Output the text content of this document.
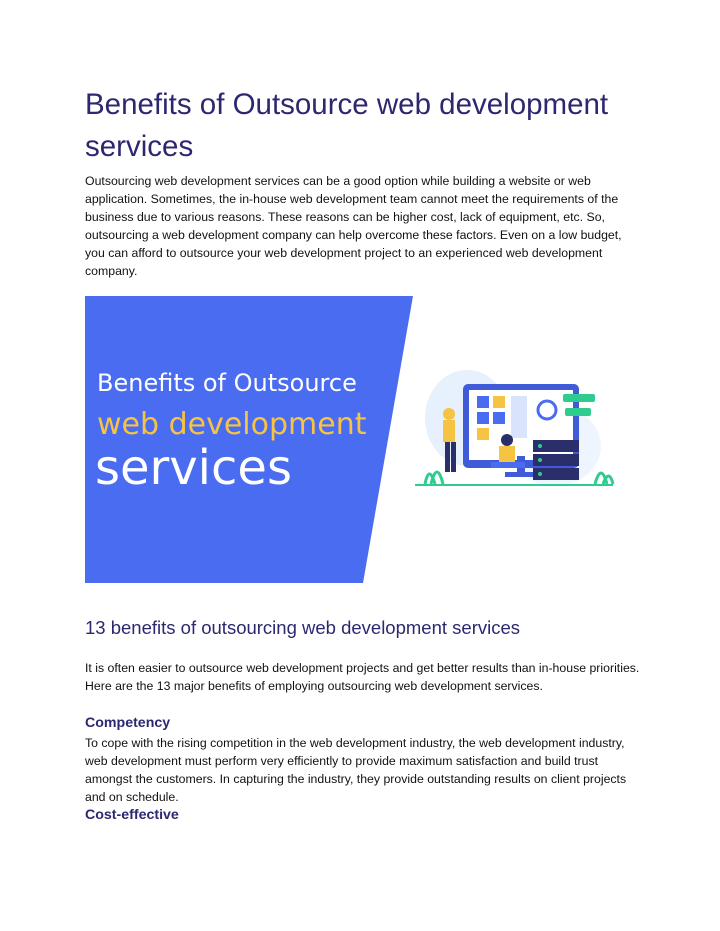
Benefits of Outsource web development services

Outsourcing web development services can be a good option while building a website or web application. Sometimes, the in-house web development team cannot meet the requirements of the business due to various reasons. These reasons can be higher cost, lack of equipment, etc. So, outsourcing a web development company can help overcome these factors. Even on a low budget, you can afford to outsource your web development project to an experienced web development company.

Benefits of Outsource
web development
services
13 benefits of outsourcing web development services

It is often easier to outsource web development projects and get better results than in-house priorities. Here are the 13 major benefits of employing outsourcing web development services.

Competency

To cope with the rising competition in the web development industry, the web development industry, web development must perform very efficiently to provide maximum satisfaction and build trust amongst the customers. In capturing the industry, they provide outstanding results on client projects and on schedule.

Cost-effective
